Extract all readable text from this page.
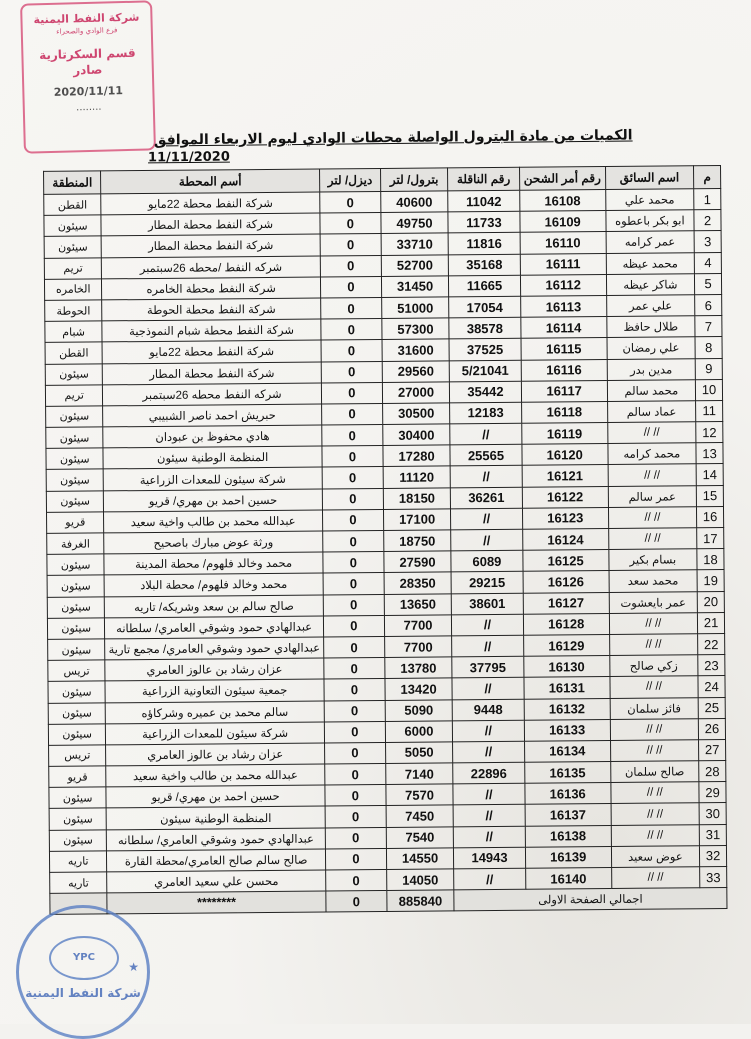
شركة النفط اليمنية
فرع الوادي والصحراء
قسم السكرتارية
صادر
2020/11/11
........
الكميات من مادة البترول الواصلة محطات الوادي ليوم الاربعاء الموافق
11/11/2020
م	اسم السائق	رقم أمر الشحن	رقم الناقلة	بترول/ لتر	ديزل/ لتر	أسم المحطة	المنطقة
1	محمد علي	16108	11042	40600	0	شركة النفط محطة 22مايو	القطن
2	ابو بكر باعطوه	16109	11733	49750	0	شركة النفط محطة المطار	سيئون
3	عمر كرامه	16110	11816	33710	0	شركة النفط محطة المطار	سيئون
4	محمد عيظه	16111	35168	52700	0	شركه النفط /محطه 26سبتمبر	تريم
5	شاكر عيظه	16112	11665	31450	0	شركة النفط محطة الخامره	الخامره
6	علي عمر	16113	17054	51000	0	شركة النفط محطة الحوطة	الحوطة
7	طلال حافظ	16114	38578	57300	0	شركة النفط محطة شبام النموذجية	شبام
8	علي رمضان	16115	37525	31600	0	شركة النفط محطة 22مايو	القطن
9	مدين بدر	16116	5/21041	29560	0	شركة النفط محطة المطار	سيئون
10	محمد سالم	16117	35442	27000	0	شركه النفط محطه 26سبتمبر	تريم
11	عماد سالم	16118	12183	30500	0	حبريش احمد ناصر الشبيبي	سيئون
12	// //	16119	//	30400	0	هادي محفوظ بن عبودان	سيئون
13	محمد كرامه	16120	25565	17280	0	المنظمة الوطنية سيئون	سيئون
14	// //	16121	//	11120	0	شركة سيئون للمعدات الزراعية	سيئون
15	عمر سالم	16122	36261	18150	0	حسين احمد بن مهري/ قريو	سيئون
16	// //	16123	//	17100	0	عبدالله محمد بن طالب واخية سعيد	قريو
17	// //	16124	//	18750	0	ورثة عوض مبارك باصحيح	الغرفة
18	بسام بكير	16125	6089	27590	0	محمد وخالد فلهوم/ محطة المدينة	سيئون
19	محمد سعد	16126	29215	28350	0	محمد وخالد فلهوم/ محطة البلاد	سيئون
20	عمر بايعشوت	16127	38601	13650	0	صالح سالم بن سعد وشريكه/ تاريه	سيئون
21	// //	16128	//	7700	0	عبدالهادي حمود وشوقي العامري/ سلطانه	سيئون
22	// //	16129	//	7700	0	عبدالهادي حمود وشوقي العامري/ مجمع تارية	سيئون
23	زكي صالح	16130	37795	13780	0	عزان رشاد بن عالوز العامري	تريس
24	// //	16131	//	13420	0	جمعية سيئون التعاونية الزراعية	سيئون
25	فائز سلمان	16132	9448	5090	0	سالم محمد بن عميره وشركاؤه	سيئون
26	// //	16133	//	6000	0	شركة سيئون للمعدات الزراعية	سيئون
27	// //	16134	//	5050	0	عزان رشاد بن عالوز العامري	تريس
28	صالح سلمان	16135	22896	7140	0	عبدالله محمد بن طالب واخية سعيد	قريو
29	// //	16136	//	7570	0	حسين احمد بن مهري/ قريو	سيئون
30	// //	16137	//	7450	0	المنظمة الوطنية سيئون	سيئون
31	// //	16138	//	7540	0	عبدالهادي حمود وشوقي العامري/ سلطانه	سيئون
32	عوض سعيد	16139	14943	14550	0	صالح سالم صالح العامري/محطة القارة	تاريه
33	// //	16140	//	14050	0	محسن علي سعيد العامري	تاريه
اجمالي الصفحة الاولى				885840	0	********	
YPC
★
شركة النفط اليمنية
